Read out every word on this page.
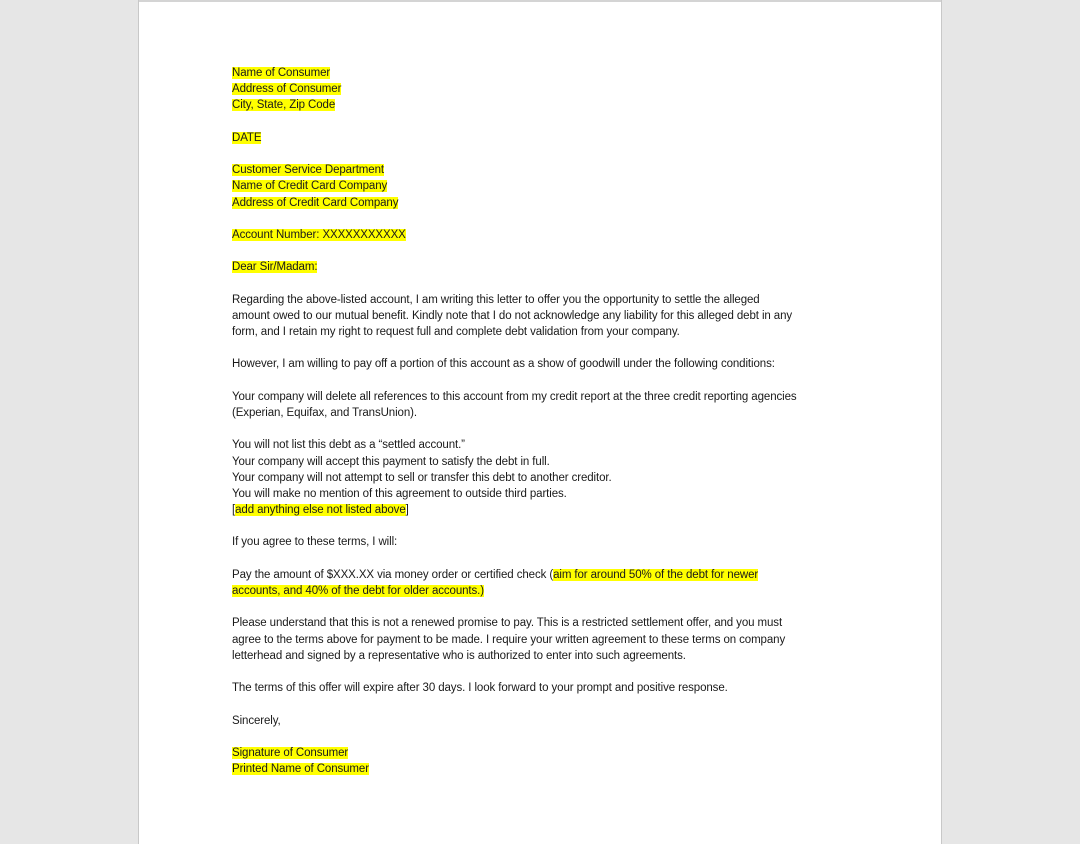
Name of Consumer
Address of Consumer
City, State, Zip Code
DATE
Customer Service Department
Name of Credit Card Company
Address of Credit Card Company
Account Number: XXXXXXXXXXX
Dear Sir/Madam:
Regarding the above-listed account, I am writing this letter to offer you the opportunity to settle the alleged
amount owed to our mutual benefit. Kindly note that I do not acknowledge any liability for this alleged debt in any
form, and I retain my right to request full and complete debt validation from your company.
However, I am willing to pay off a portion of this account as a show of goodwill under the following conditions:
Your company will delete all references to this account from my credit report at the three credit reporting agencies
(Experian, Equifax, and TransUnion).
You will not list this debt as a “settled account.”
Your company will accept this payment to satisfy the debt in full.
Your company will not attempt to sell or transfer this debt to another creditor.
You will make no mention of this agreement to outside third parties.
[add anything else not listed above]
If you agree to these terms, I will:
Pay the amount of $XXX.XX via money order or certified check (aim for around 50% of the debt for newer
accounts, and 40% of the debt for older accounts.)
Please understand that this is not a renewed promise to pay. This is a restricted settlement offer, and you must
agree to the terms above for payment to be made. I require your written agreement to these terms on company
letterhead and signed by a representative who is authorized to enter into such agreements.
The terms of this offer will expire after 30 days. I look forward to your prompt and positive response.
Sincerely,
Signature of Consumer
Printed Name of Consumer
